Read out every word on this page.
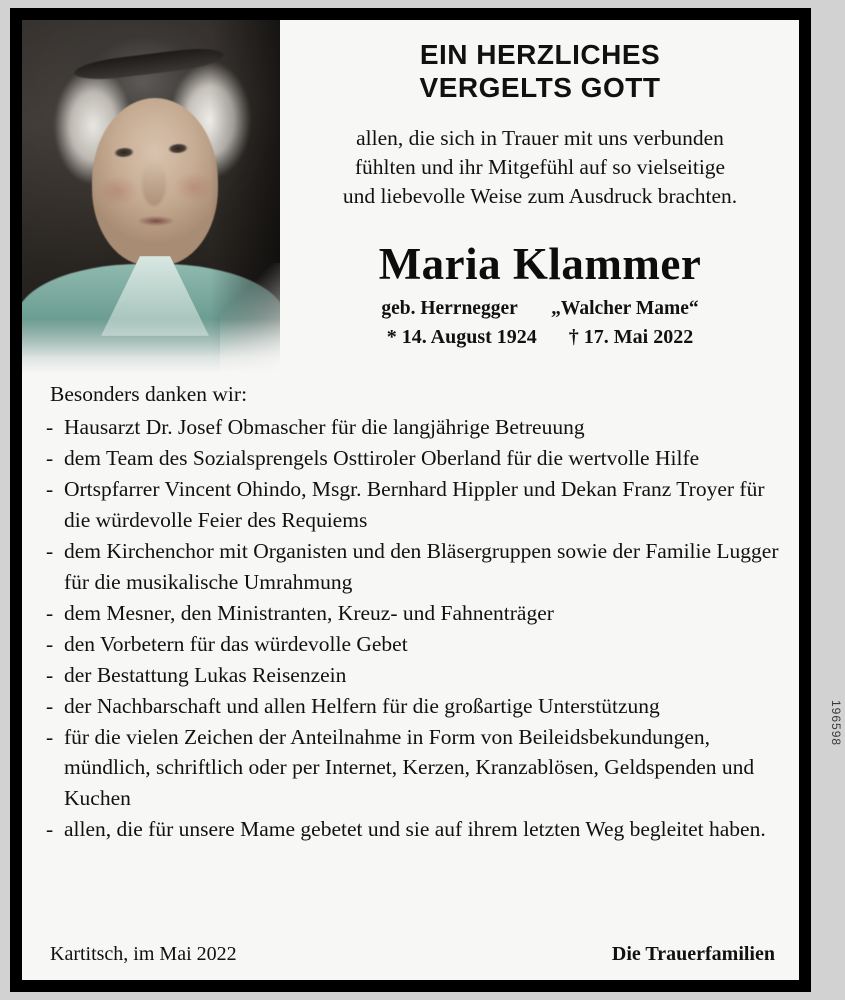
EIN HERZLICHES
VERGELTS GOTT
allen, die sich in Trauer mit uns verbunden
fühlten und ihr Mitgefühl auf so vielseitige
und liebevolle Weise zum Ausdruck brachten.
Maria Klammer
geb. Herrnegger „Walcher Mame“
* 14. August 1924 † 17. Mai 2022
Besonders danken wir:
- Hausarzt Dr. Josef Obmascher für die langjährige Betreuung
- dem Team des Sozialsprengels Osttiroler Oberland für die wertvolle Hilfe
- Ortspfarrer Vincent Ohindo, Msgr. Bernhard Hippler und Dekan Franz Troyer für die würdevolle Feier des Requiems
- dem Kirchenchor mit Organisten und den Bläsergruppen sowie der Familie Lugger für die musikalische Umrahmung
- dem Mesner, den Ministranten, Kreuz- und Fahnenträger
- den Vorbetern für das würdevolle Gebet
- der Bestattung Lukas Reisenzein
- der Nachbarschaft und allen Helfern für die großartige Unterstützung
- für die vielen Zeichen der Anteilnahme in Form von Beileidsbekundungen, mündlich, schriftlich oder per Internet, Kerzen, Kranzablösen, Geldspenden und Kuchen
- allen, die für unsere Mame gebetet und sie auf ihrem letzten Weg begleitet haben.
Kartitsch, im Mai 2022	Die Trauerfamilien
196598
